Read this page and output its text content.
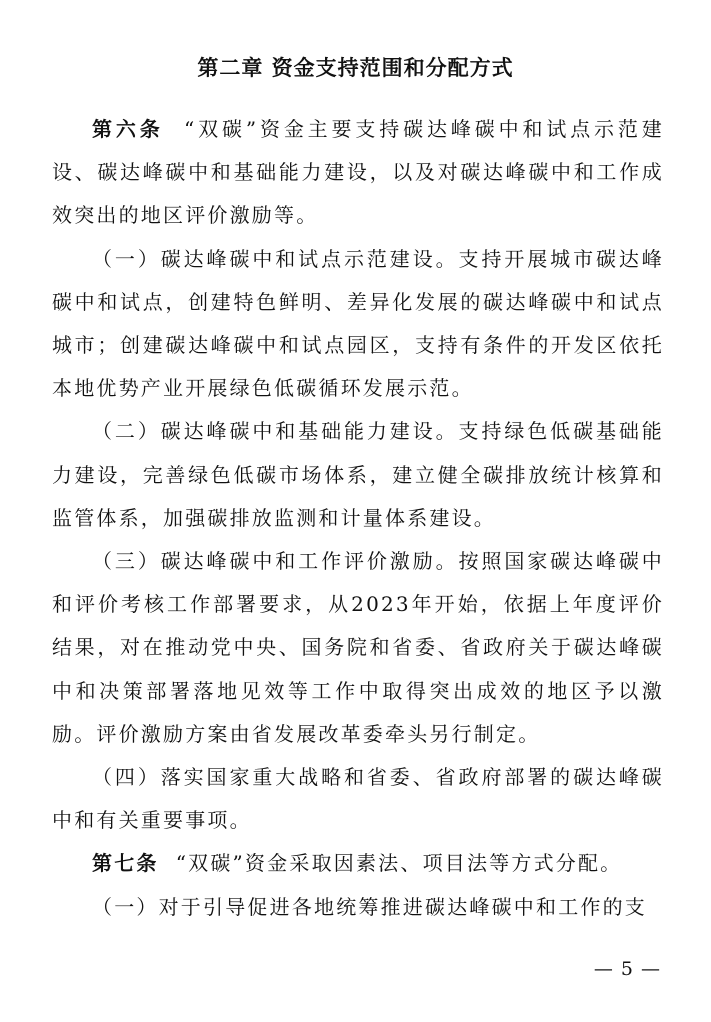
第二章 资金支持范围和分配方式

第六条 “双碳”资金主要支持碳达峰碳中和试点示范建设、碳达峰碳中和基础能力建设，以及对碳达峰碳中和工作成效突出的地区评价激励等。

（一）碳达峰碳中和试点示范建设。支持开展城市碳达峰碳中和试点，创建特色鲜明、差异化发展的碳达峰碳中和试点城市；创建碳达峰碳中和试点园区，支持有条件的开发区依托本地优势产业开展绿色低碳循环发展示范。

（二）碳达峰碳中和基础能力建设。支持绿色低碳基础能力建设，完善绿色低碳市场体系，建立健全碳排放统计核算和监管体系，加强碳排放监测和计量体系建设。

（三）碳达峰碳中和工作评价激励。按照国家碳达峰碳中和评价考核工作部署要求，从2023年开始，依据上年度评价结果，对在推动党中央、国务院和省委、省政府关于碳达峰碳中和决策部署落地见效等工作中取得突出成效的地区予以激励。评价激励方案由省发展改革委牵头另行制定。

（四）落实国家重大战略和省委、省政府部署的碳达峰碳中和有关重要事项。

第七条 “双碳”资金采取因素法、项目法等方式分配。

（一）对于引导促进各地统筹推进碳达峰碳中和工作的支

— 5 —
